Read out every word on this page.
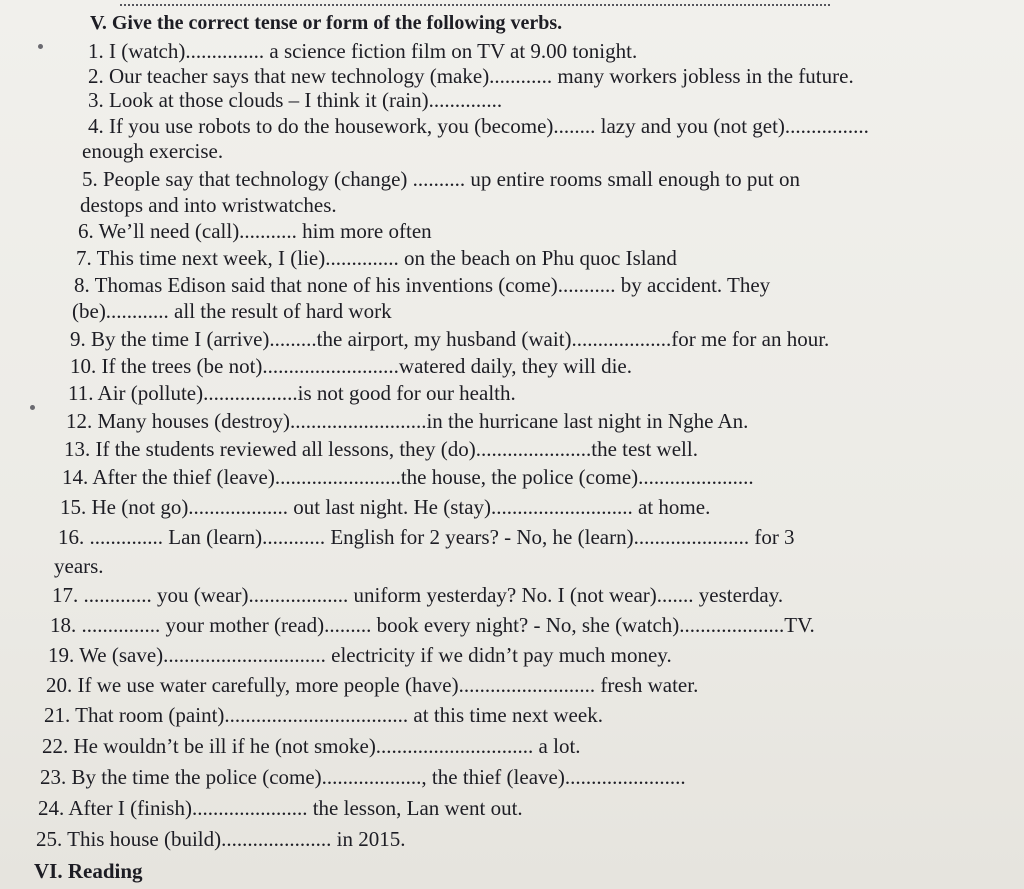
V. Give the correct tense or form of the following verbs.
1. I (watch)............... a science fiction film on TV at 9.00 tonight.
2. Our teacher says that new technology (make)............ many workers jobless in the future.
3. Look at those clouds – I think it (rain)..............
4. If you use robots to do the housework, you (become)........ lazy and you (not get)................
enough exercise.
5. People say that technology (change) .......... up entire rooms small enough to put on
destops and into wristwatches.
6. We’ll need (call)........... him more often
7. This time next week, I (lie).............. on the beach on Phu quoc Island
8. Thomas Edison said that none of his inventions (come)........... by accident. They
(be)............ all the result of hard work
9. By the time I (arrive).........the airport, my husband (wait)...................for me for an hour.
10. If the trees (be not)..........................watered daily, they will die.
11. Air (pollute)..................is not good for our health.
12. Many houses (destroy)..........................in the hurricane last night in Nghe An.
13. If the students reviewed all lessons, they (do)......................the test well.
14. After the thief (leave)........................the house, the police (come)......................
15. He (not go)................... out last night. He (stay)........................... at home.
16. .............. Lan (learn)............ English for 2 years? - No, he (learn)...................... for 3
years.
17. ............. you (wear)................... uniform yesterday? No. I (not wear)....... yesterday.
18. ............... your mother (read)......... book every night? - No, she (watch)....................TV.
19. We (save)............................... electricity if we didn’t pay much money.
20. If we use water carefully, more people (have).......................... fresh water.
21. That room (paint)................................... at this time next week.
22. He wouldn’t be ill if he (not smoke).............................. a lot.
23. By the time the police (come)..................., the thief (leave).......................
24. After I (finish)...................... the lesson, Lan went out.
25. This house (build)..................... in 2015.
VI. Reading
